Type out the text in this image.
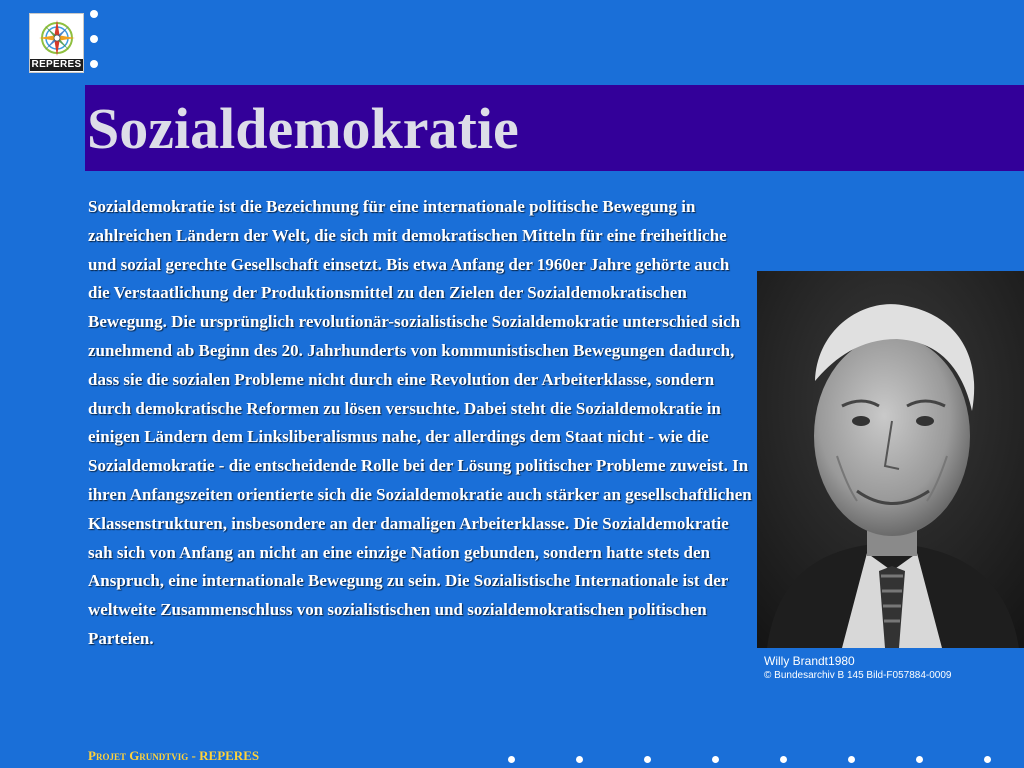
REPERES
Sozialdemokratie

Sozialdemokratie ist die Bezeichnung für eine internationale politische Bewegung in zahlreichen Ländern der Welt, die sich mit demokratischen Mitteln für eine freiheitliche und sozial gerechte Gesellschaft einsetzt. Bis etwa Anfang der 1960er Jahre gehörte auch die Verstaatlichung der Produktionsmittel zu den Zielen der Sozialdemokratischen Bewegung. Die ursprünglich revolutionär-sozialistische Sozialdemokratie unterschied sich zunehmend ab Beginn des 20. Jahrhunderts von kommunistischen Bewegungen dadurch, dass sie die sozialen Probleme nicht durch eine Revolution der Arbeiterklasse, sondern durch demokratische Reformen zu lösen versuchte. Dabei steht die Sozialdemokratie in einigen Ländern dem Linksliberalismus nahe, der allerdings dem Staat nicht - wie die Sozialdemokratie - die entscheidende Rolle bei der Lösung politischer Probleme zuweist. In ihren Anfangszeiten orientierte sich die Sozialdemokratie auch stärker an gesellschaftlichen Klassenstrukturen, insbesondere an der damaligen Arbeiterklasse. Die Sozialdemokratie sah sich von Anfang an nicht an eine einzige Nation gebunden, sondern hatte stets den Anspruch, eine internationale Bewegung zu sein. Die Sozialistische Internationale ist der weltweite Zusammenschluss von sozialistischen und sozialdemokratischen politischen Parteien.

Willy Brandt1980
© Bundesarchiv B 145 Bild-F057884-0009

Projet Grundtvig - REPERES
